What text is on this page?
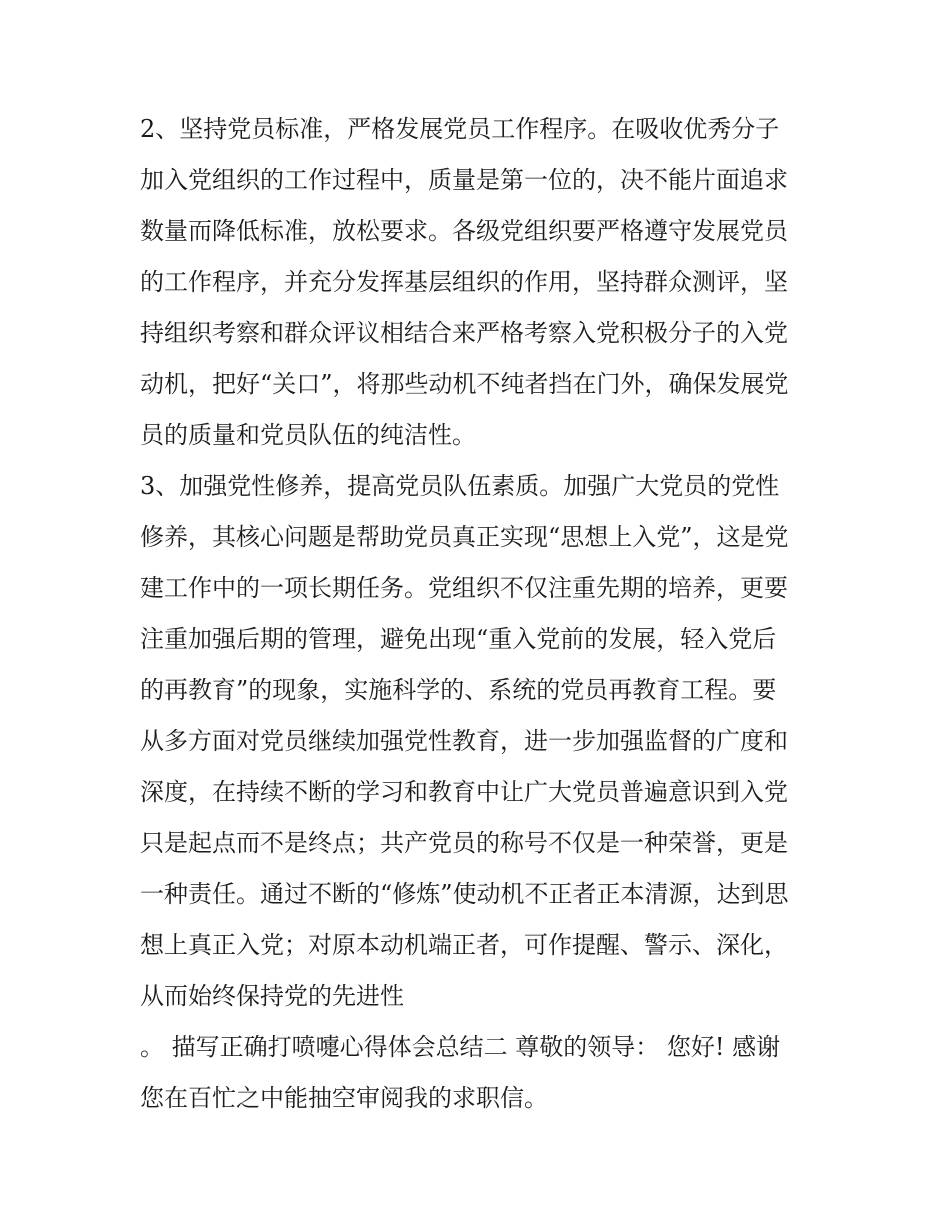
2、坚持党员标准，严格发展党员工作程序。在吸收优秀分子
加入党组织的工作过程中，质量是第一位的，决不能片面追求
数量而降低标准，放松要求。各级党组织要严格遵守发展党员
的工作程序，并充分发挥基层组织的作用，坚持群众测评，坚
持组织考察和群众评议相结合来严格考察入党积极分子的入党
动机，把好“关口”，将那些动机不纯者挡在门外，确保发展党
员的质量和党员队伍的纯洁性。
3、加强党性修养，提高党员队伍素质。加强广大党员的党性
修养，其核心问题是帮助党员真正实现“思想上入党”，这是党
建工作中的一项长期任务。党组织不仅注重先期的培养，更要
注重加强后期的管理，避免出现“重入党前的发展，轻入党后
的再教育”的现象，实施科学的、系统的党员再教育工程。要
从多方面对党员继续加强党性教育，进一步加强监督的广度和
深度，在持续不断的学习和教育中让广大党员普遍意识到入党
只是起点而不是终点；共产党员的称号不仅是一种荣誉，更是
一种责任。通过不断的“修炼”使动机不正者正本清源，达到思
想上真正入党；对原本动机端正者，可作提醒、警示、深化，
从而始终保持党的先进性
。 描写正确打喷嚏心得体会总结二 尊敬的领导： 您好! 感谢
您在百忙之中能抽空审阅我的求职信。
